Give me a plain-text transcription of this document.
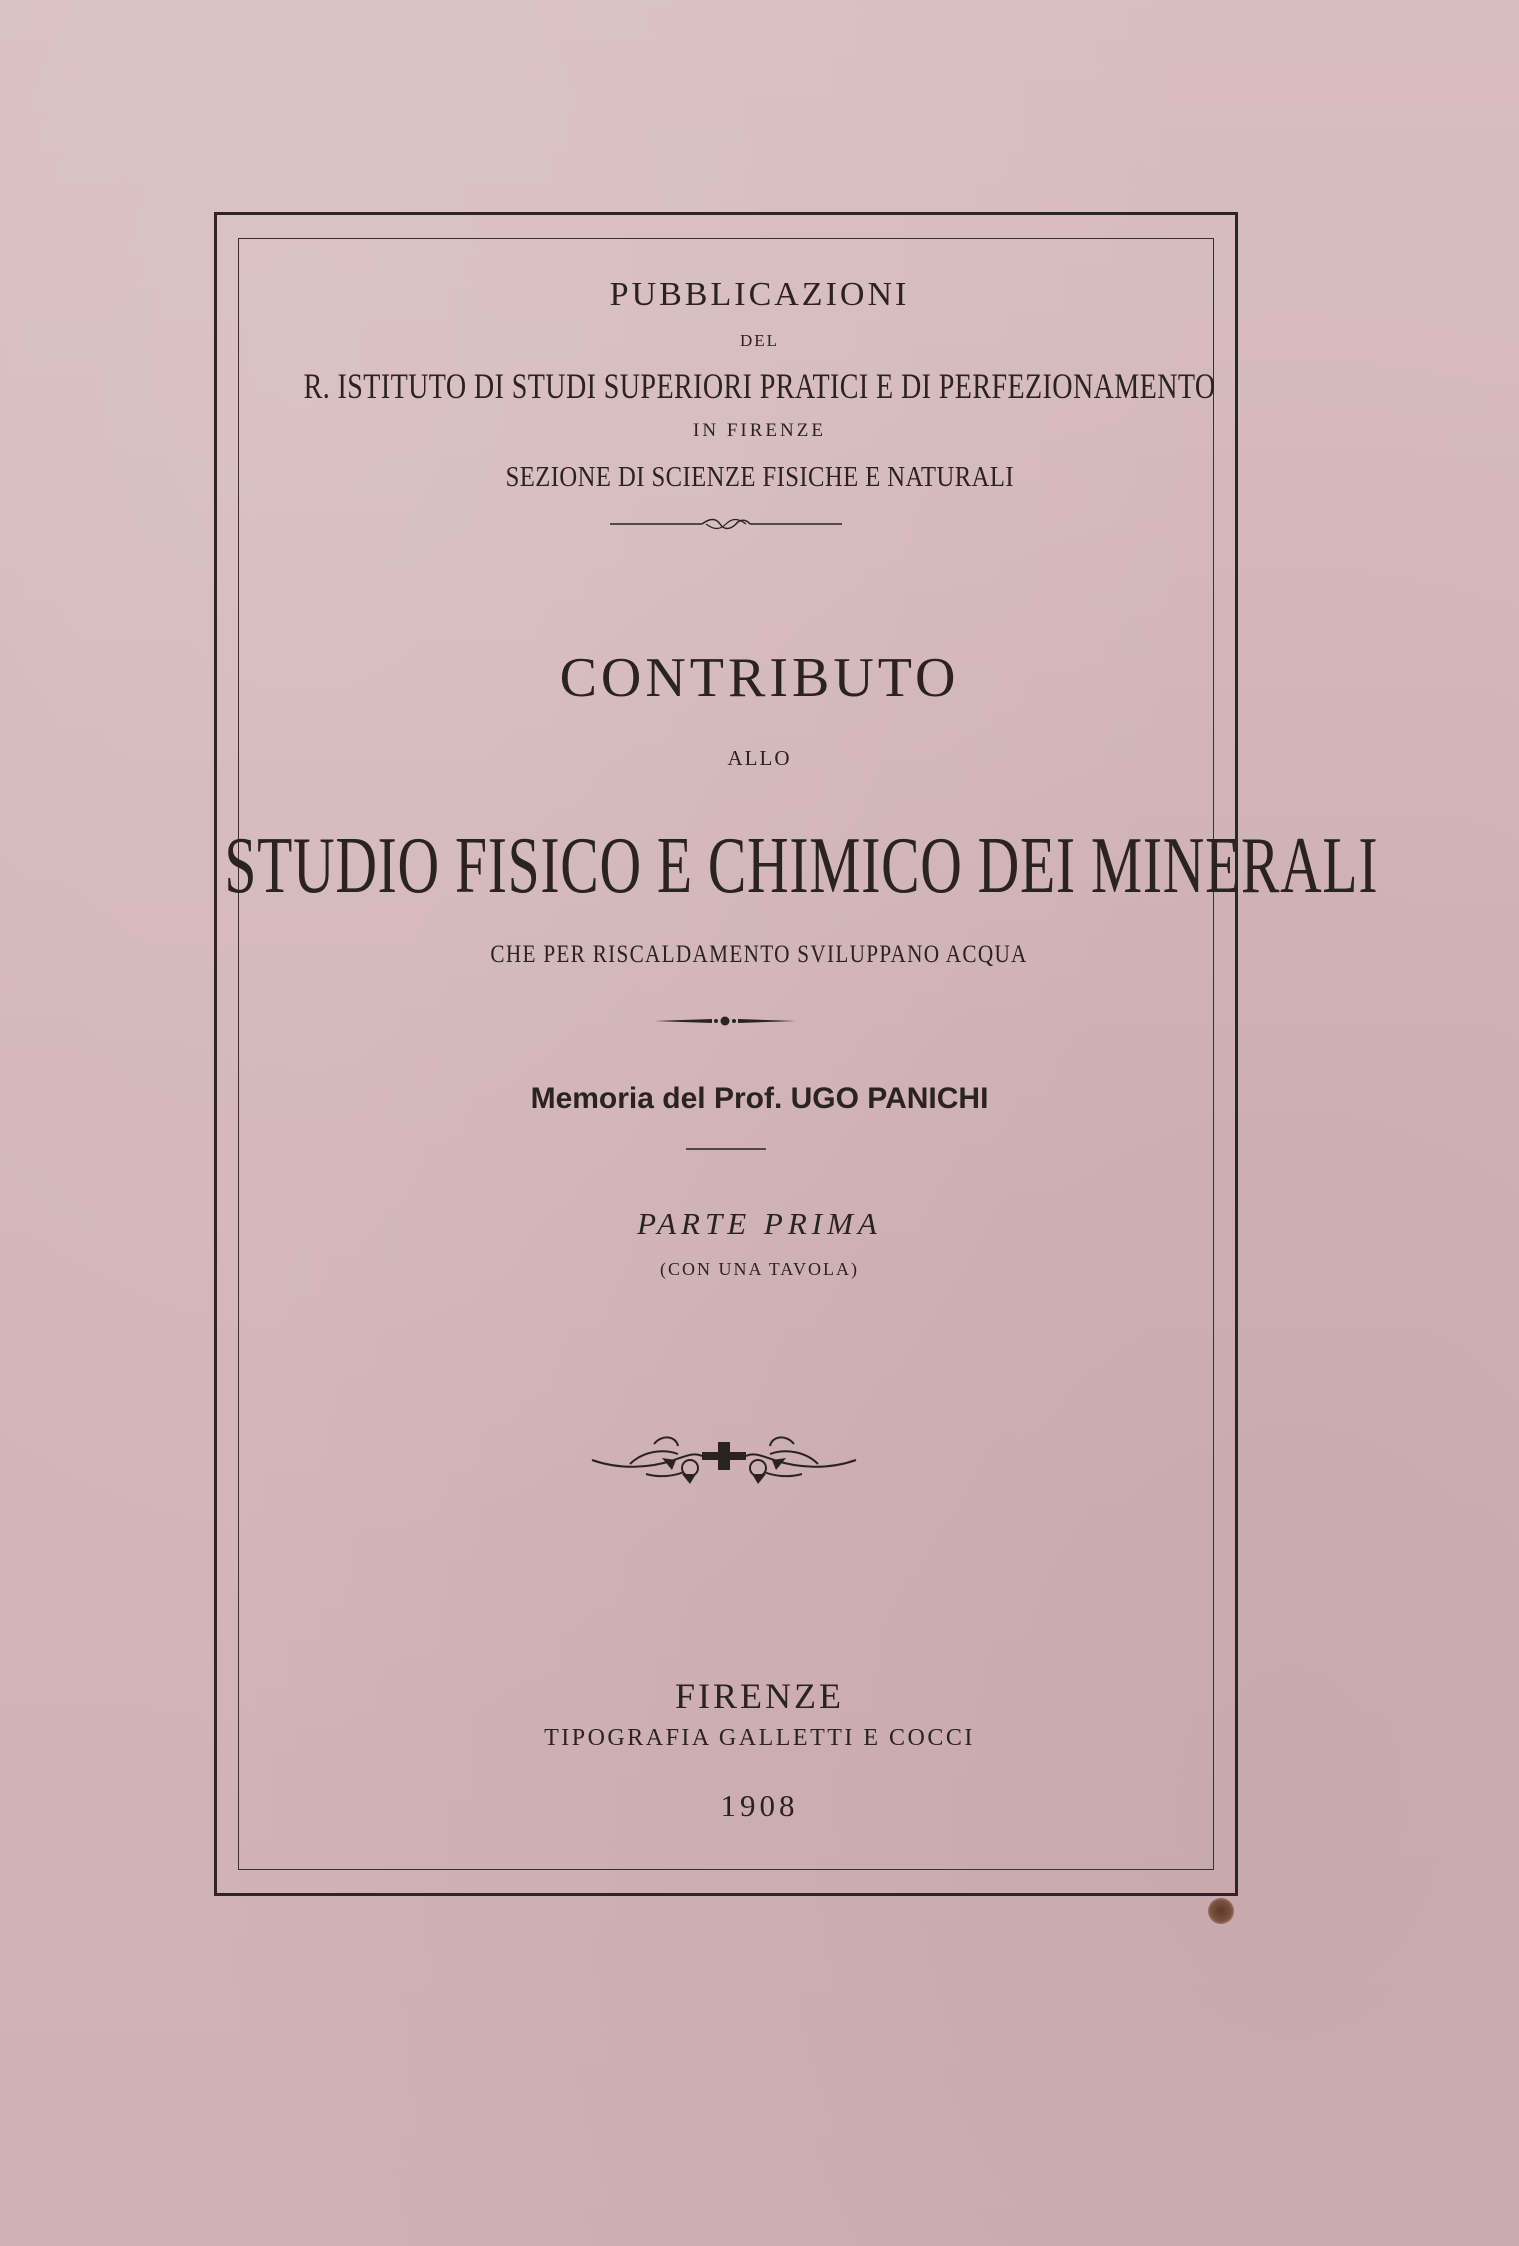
PUBBLICAZIONI
DEL
R. ISTITUTO DI STUDI SUPERIORI PRATICI E DI PERFEZIONAMENTO
IN FIRENZE
SEZIONE DI SCIENZE FISICHE E NATURALI
CONTRIBUTO
ALLO
STUDIO FISICO E CHIMICO DEI MINERALI
CHE PER RISCALDAMENTO SVILUPPANO ACQUA
Memoria del Prof. UGO PANICHI
PARTE PRIMA
(CON UNA TAVOLA)
FIRENZE
TIPOGRAFIA GALLETTI E COCCI
1908
